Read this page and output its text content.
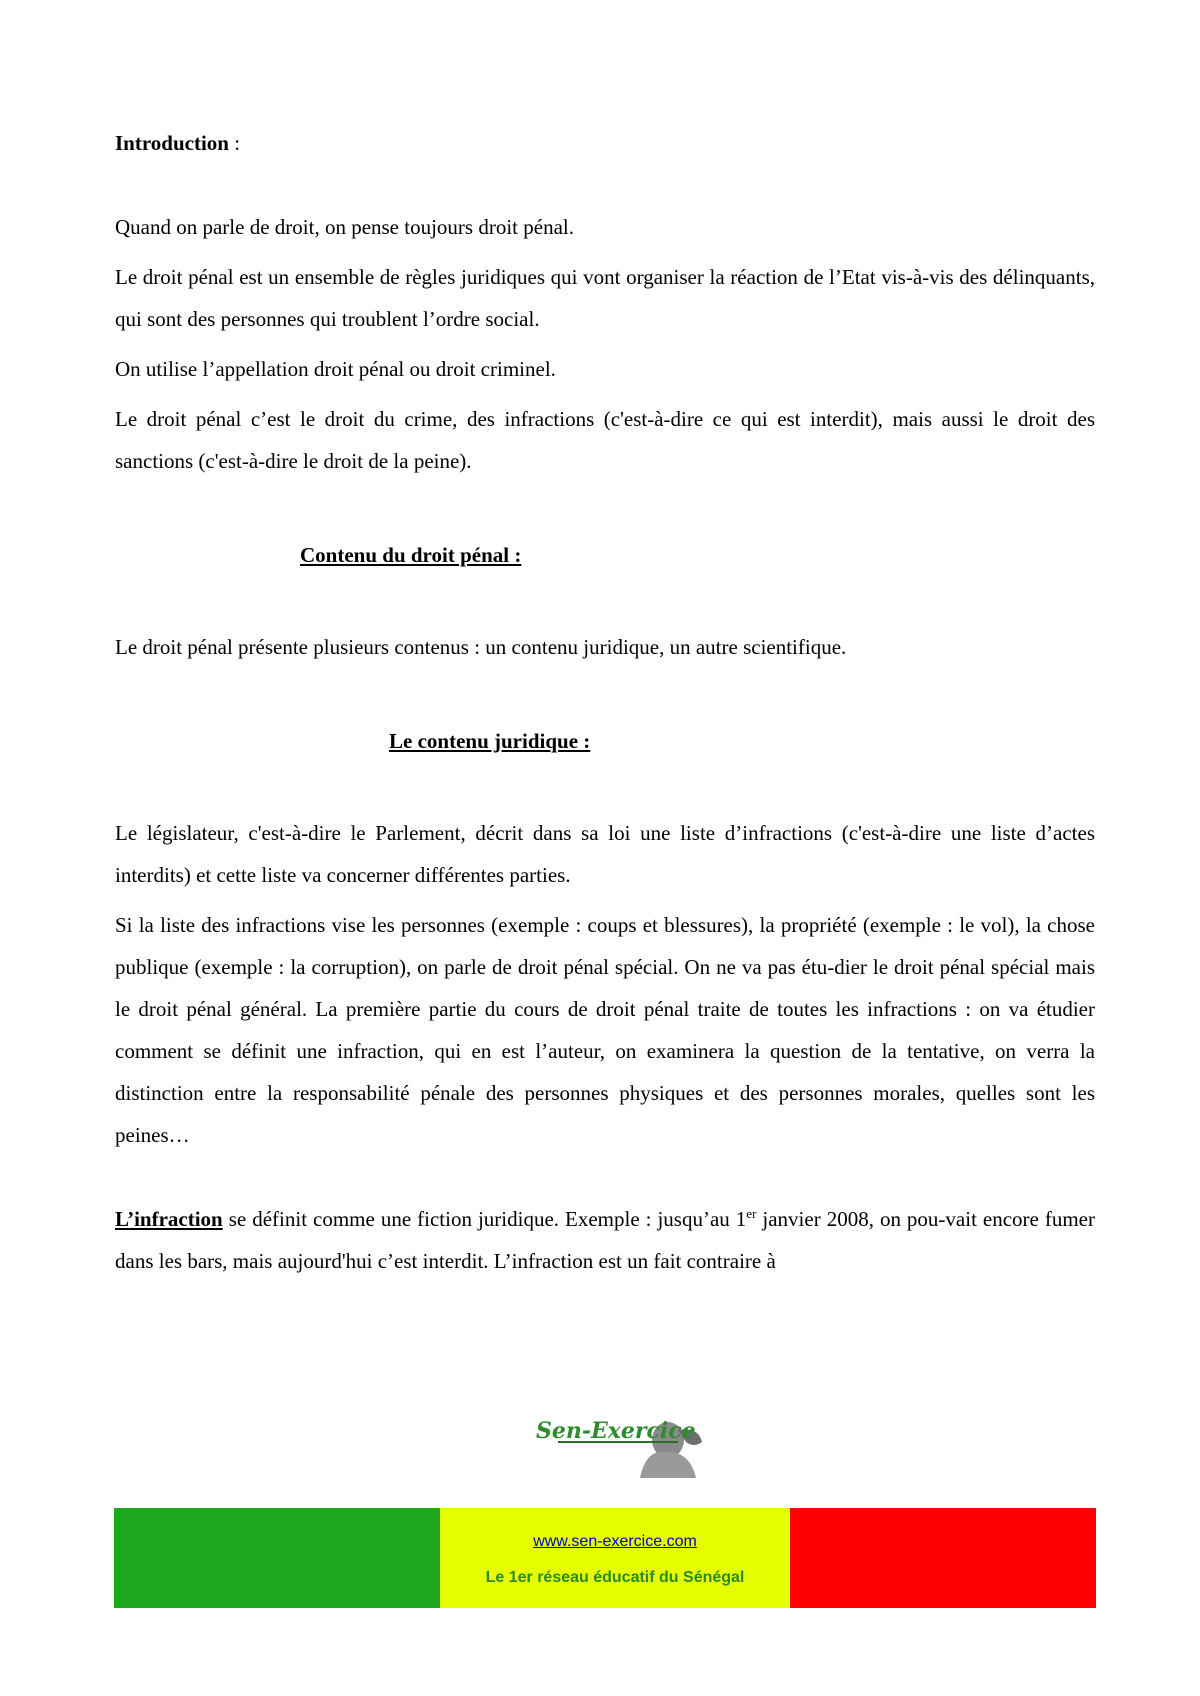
Introduction :

Quand on parle de droit, on pense toujours droit pénal.

Le droit pénal est un ensemble de règles juridiques qui vont organiser la réaction de l’Etat vis-à-vis des délinquants, qui sont des personnes qui troublent l’ordre social.

On utilise l’appellation droit pénal ou droit criminel.

Le droit pénal c’est le droit du crime, des infractions (c'est-à-dire ce qui est interdit), mais aussi le droit des sanctions (c'est-à-dire le droit de la peine).

Contenu du droit pénal :

Le droit pénal présente plusieurs contenus : un contenu juridique, un autre scientifique.

Le contenu juridique :

Le législateur, c'est-à-dire le Parlement, décrit dans sa loi une liste d’infractions (c'est-à-dire une liste d’actes interdits) et cette liste va concerner différentes parties.

Si la liste des infractions vise les personnes (exemple : coups et blessures), la propriété (exemple : le vol), la chose publique (exemple : la corruption), on parle de droit pénal spécial. On ne va pas étu-dier le droit pénal spécial mais le droit pénal général. La première partie du cours de droit pénal traite de toutes les infractions : on va étudier comment se définit une infraction, qui en est l’auteur, on examinera la question de la tentative, on verra la distinction entre la responsabilité pénale des personnes physiques et des personnes morales, quelles sont les peines…

L’infraction se définit comme une fiction juridique. Exemple : jusqu’au 1er janvier 2008, on pou-vait encore fumer dans les bars, mais aujourd'hui c’est interdit. L’infraction est un fait contraire à

Sen-Exercice
www.sen-exercice.com
Le 1er réseau éducatif du Sénégal
